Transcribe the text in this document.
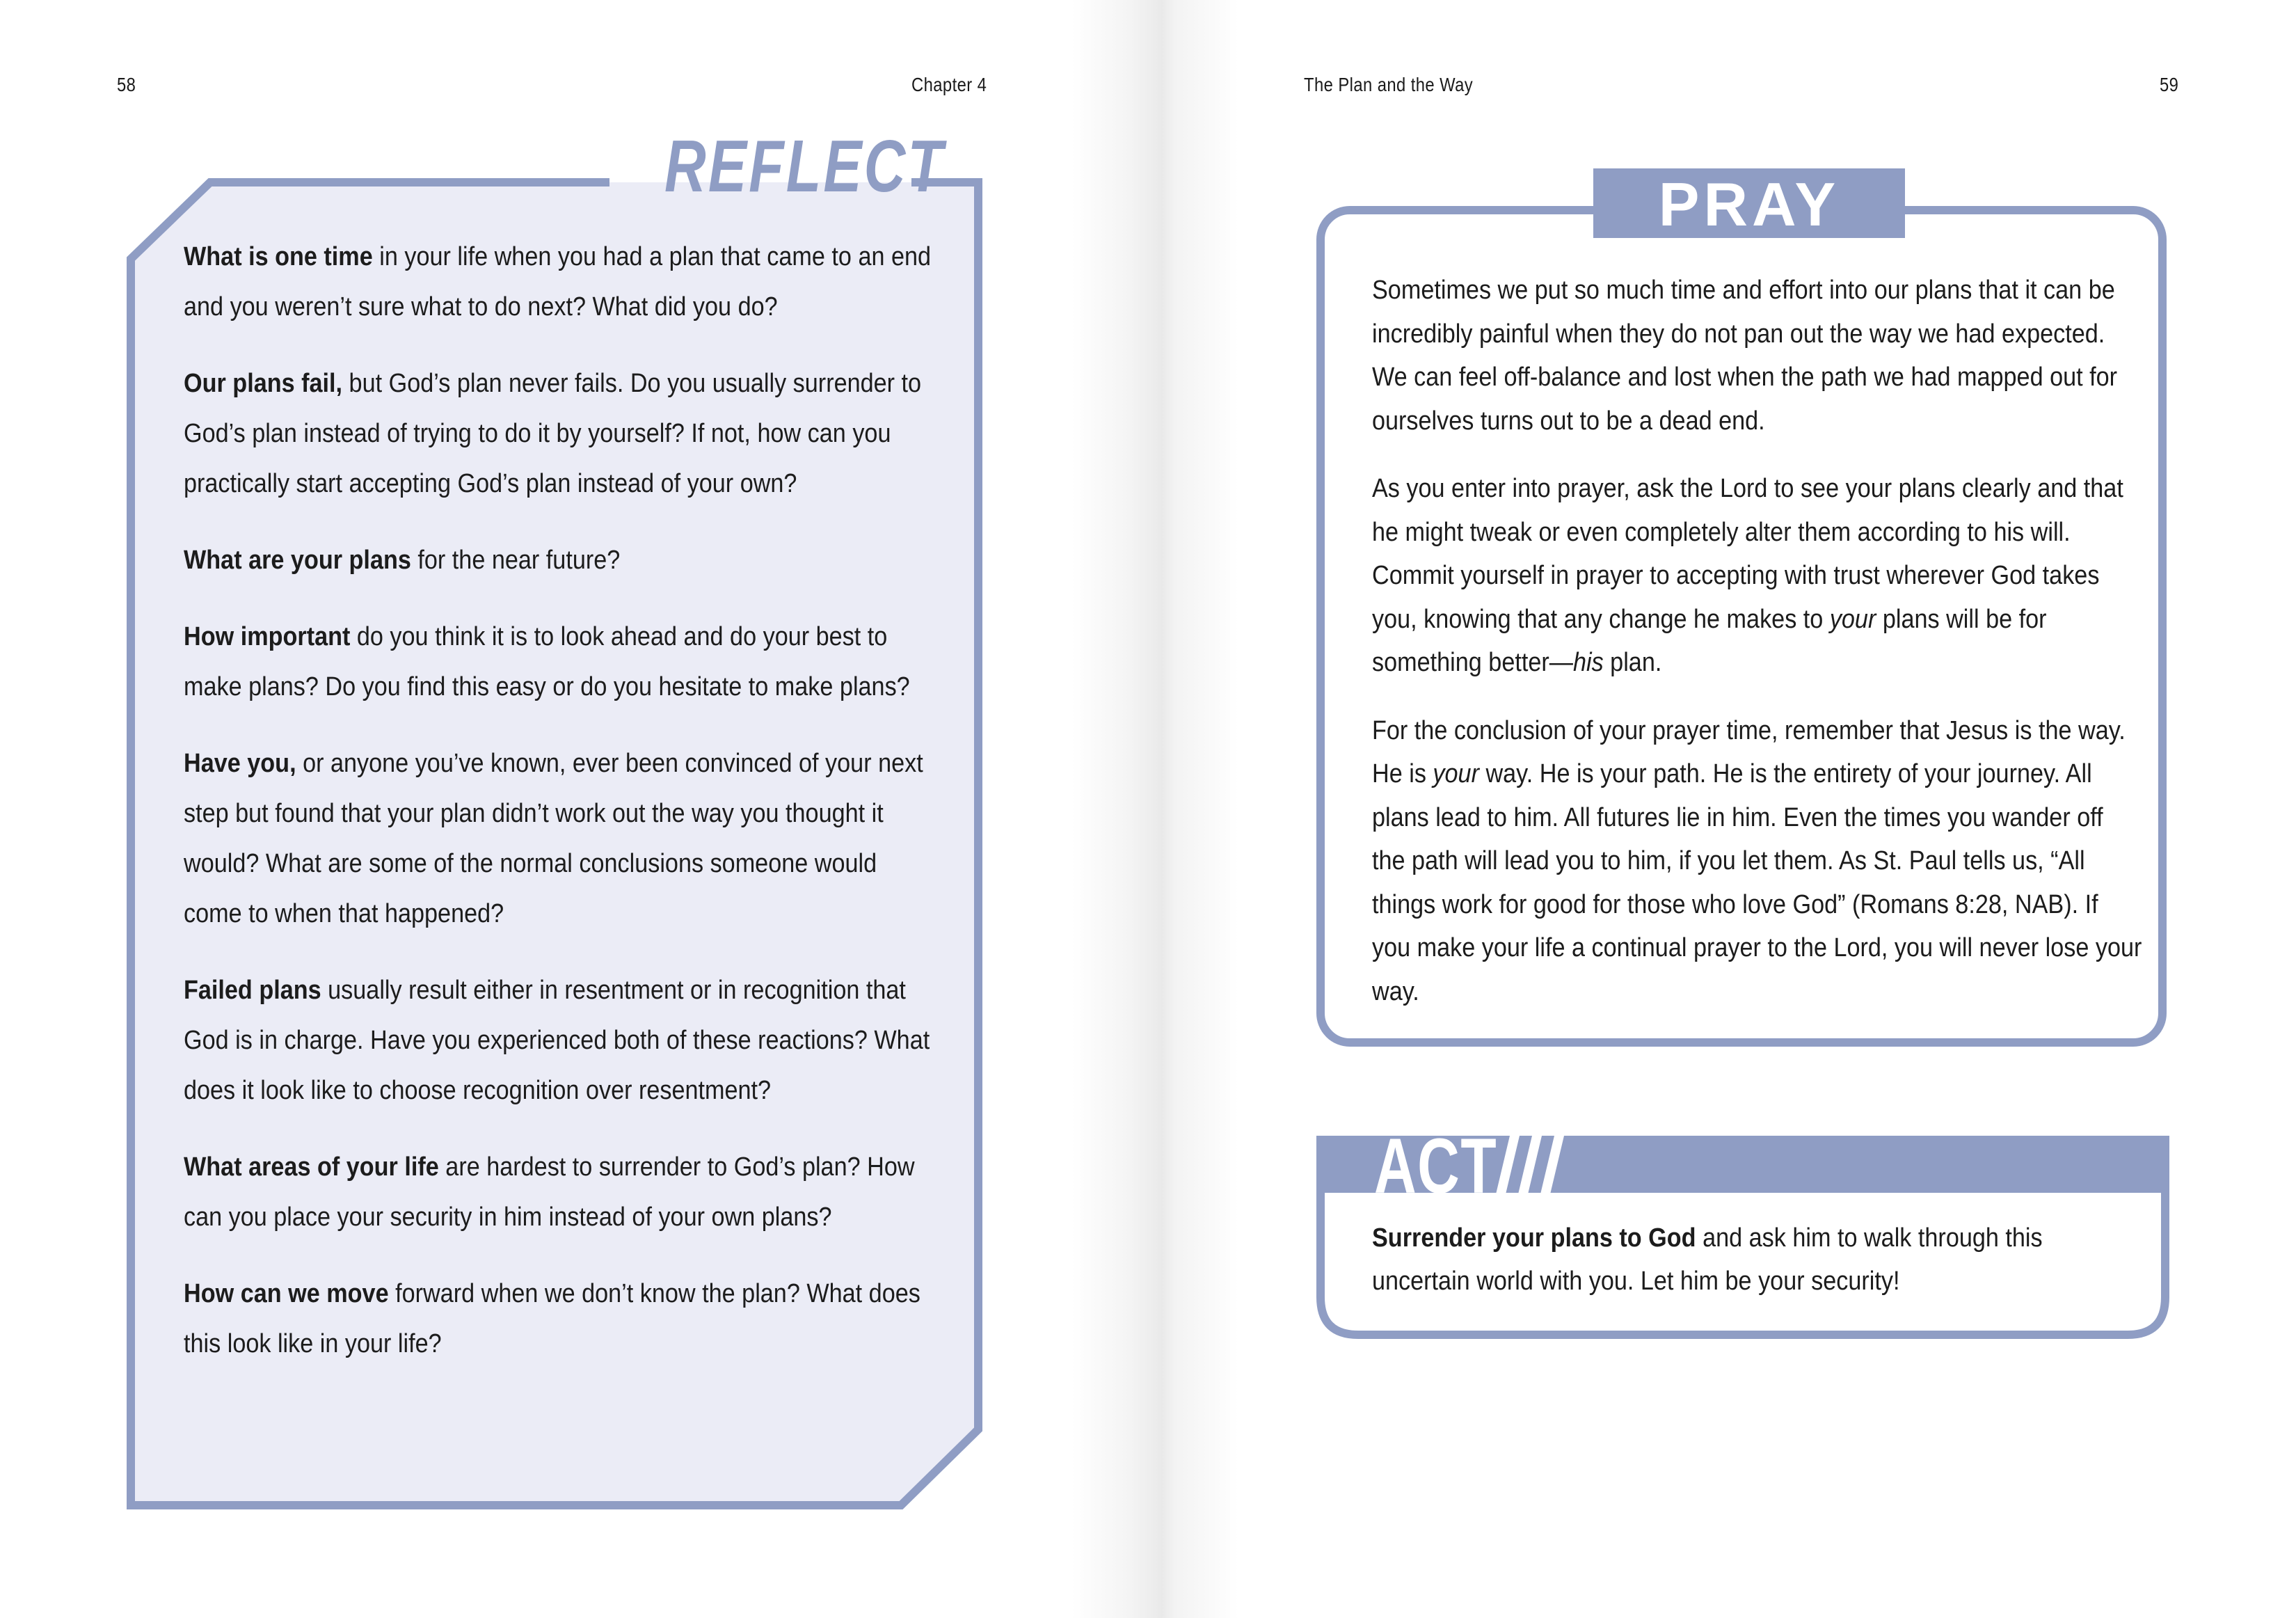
58	Chapter 4	The Plan and the Way	59
REFLECT

What is one time in your life when you had a plan that came to an end and you weren’t sure what to do next? What did you do?

Our plans fail, but God’s plan never fails. Do you usually surrender to God’s plan instead of trying to do it by yourself? If not, how can you practically start accepting God’s plan instead of your own?

What are your plans for the near future?

How important do you think it is to look ahead and do your best to make plans? Do you find this easy or do you hesitate to make plans?

Have you, or anyone you’ve known, ever been convinced of your next step but found that your plan didn’t work out the way you thought it would? What are some of the normal conclusions someone would come to when that happened?

Failed plans usually result either in resentment or in recognition that God is in charge. Have you experienced both of these reactions? What does it look like to choose recognition over resentment?

What areas of your life are hardest to surrender to God’s plan? How can you place your security in him instead of your own plans?

How can we move forward when we don’t know the plan? What does this look like in your life?

PRAY

Sometimes we put so much time and effort into our plans that it can be incredibly painful when they do not pan out the way we had expected. We can feel off-balance and lost when the path we had mapped out for ourselves turns out to be a dead end.

As you enter into prayer, ask the Lord to see your plans clearly and that he might tweak or even completely alter them according to his will. Commit yourself in prayer to accepting with trust wherever God takes you, knowing that any change he makes to your plans will be for something better—his plan.

For the conclusion of your prayer time, remember that Jesus is the way. He is your way. He is your path. He is the entirety of your journey. All plans lead to him. All futures lie in him. Even the times you wander off the path will lead you to him, if you let them. As St. Paul tells us, “All things work for good for those who love God” (Romans 8:28, NAB). If you make your life a continual prayer to the Lord, you will never lose your way.

ACT

Surrender your plans to God and ask him to walk through this uncertain world with you. Let him be your security!
